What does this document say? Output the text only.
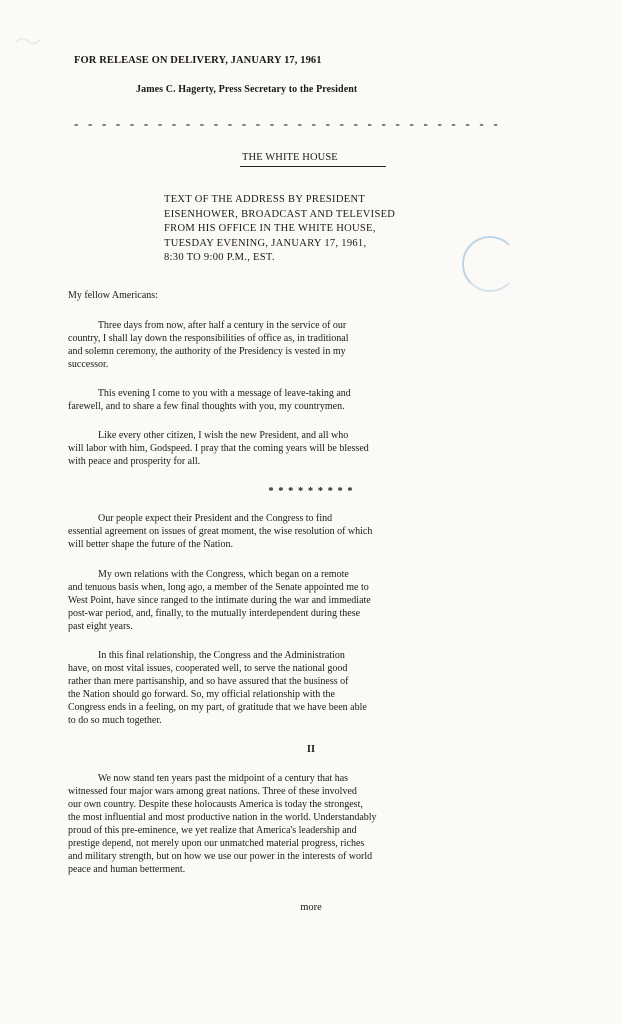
FOR RELEASE ON DELIVERY, JANUARY 17, 1961
James C. Hagerty, Press Secretary to the President
- - - - - - - - - - - - - - - - - - - - - - - - - - - - - - -
THE WHITE HOUSE
TEXT OF THE ADDRESS BY PRESIDENT
EISENHOWER, BROADCAST AND TELEVISED
FROM HIS OFFICE IN THE WHITE HOUSE,
TUESDAY EVENING, JANUARY 17, 1961,
8:30 TO 9:00 P.M., EST.
My fellow Americans:
Three days from now, after half a century in the service of our
country, I shall lay down the responsibilities of office as, in traditional
and solemn ceremony, the authority of the Presidency is vested in my
successor.
This evening I come to you with a message of leave-taking and
farewell, and to share a few final thoughts with you, my countrymen.
Like every other citizen, I wish the new President, and all who
will labor with him, Godspeed. I pray that the coming years will be blessed
with peace and prosperity for all.
* * * * * * * * *
Our people expect their President and the Congress to find
essential agreement on issues of great moment, the wise resolution of which
will better shape the future of the Nation.
My own relations with the Congress, which began on a remote
and tenuous basis when, long ago, a member of the Senate appointed me to
West Point, have since ranged to the intimate during the war and immediate
post-war period, and, finally, to the mutually interdependent during these
past eight years.
In this final relationship, the Congress and the Administration
have, on most vital issues, cooperated well, to serve the national good
rather than mere partisanship, and so have assured that the business of
the Nation should go forward. So, my official relationship with the
Congress ends in a feeling, on my part, of gratitude that we have been able
to do so much together.
II
We now stand ten years past the midpoint of a century that has
witnessed four major wars among great nations. Three of these involved
our own country. Despite these holocausts America is today the strongest,
the most influential and most productive nation in the world. Understandably
proud of this pre-eminence, we yet realize that America's leadership and
prestige depend, not merely upon our unmatched material progress, riches
and military strength, but on how we use our power in the interests of world
peace and human betterment.
more
